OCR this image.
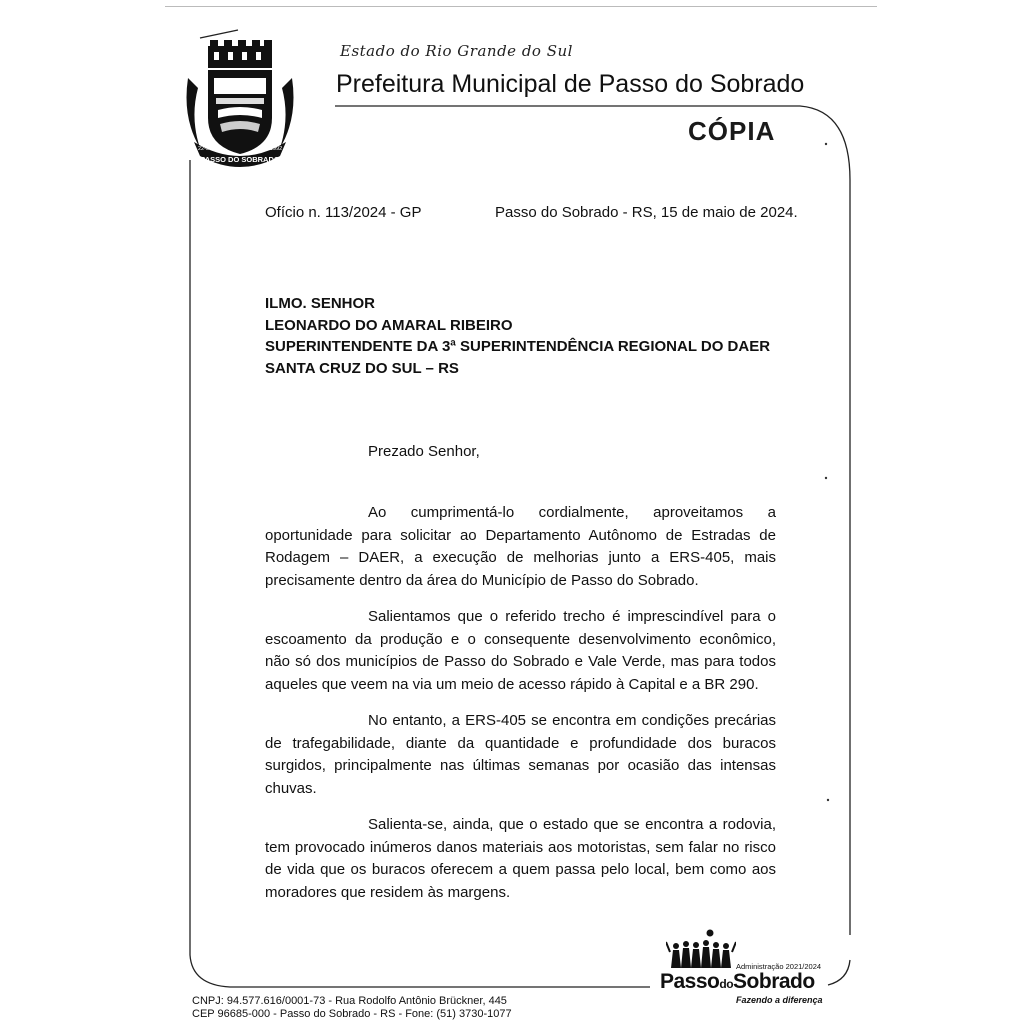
PASSO DO SOBRADO
22-3	1992
Estado do Rio Grande do Sul
Prefeitura Municipal de Passo do Sobrado
CÓPIA
Ofício n. 113/2024 - GP	Passo do Sobrado - RS, 15 de maio de 2024.
ILMO. SENHOR
LEONARDO DO AMARAL RIBEIRO
SUPERINTENDENTE DA 3ª SUPERINTENDÊNCIA REGIONAL DO DAER
SANTA CRUZ DO SUL – RS
Prezado Senhor,

Ao cumprimentá-lo cordialmente, aproveitamos a oportunidade para solicitar ao Departamento Autônomo de Estradas de Rodagem – DAER, a execução de melhorias junto a ERS-405, mais precisamente dentro da área do Município de Passo do Sobrado.

Salientamos que o referido trecho é imprescindível para o escoamento da produção e o consequente desenvolvimento econômico, não só dos municípios de Passo do Sobrado e Vale Verde, mas para todos aqueles que veem na via um meio de acesso rápido à Capital e a BR 290.

No entanto, a ERS-405 se encontra em condições precárias de trafegabilidade, diante da quantidade e profundidade dos buracos surgidos, principalmente nas últimas semanas por ocasião das intensas chuvas.

Salienta-se, ainda, que o estado que se encontra a rodovia, tem provocado inúmeros danos materiais aos motoristas, sem falar no risco de vida que os buracos oferecem a quem passa pelo local, bem como aos moradores que residem às margens.

CNPJ: 94.577.616/0001-73 - Rua Rodolfo Antônio Brückner, 445
CEP 96685-000 - Passo do Sobrado - RS - Fone: (51) 3730-1077
Administração 2021/2024
PassodoSobrado
Fazendo a diferença
